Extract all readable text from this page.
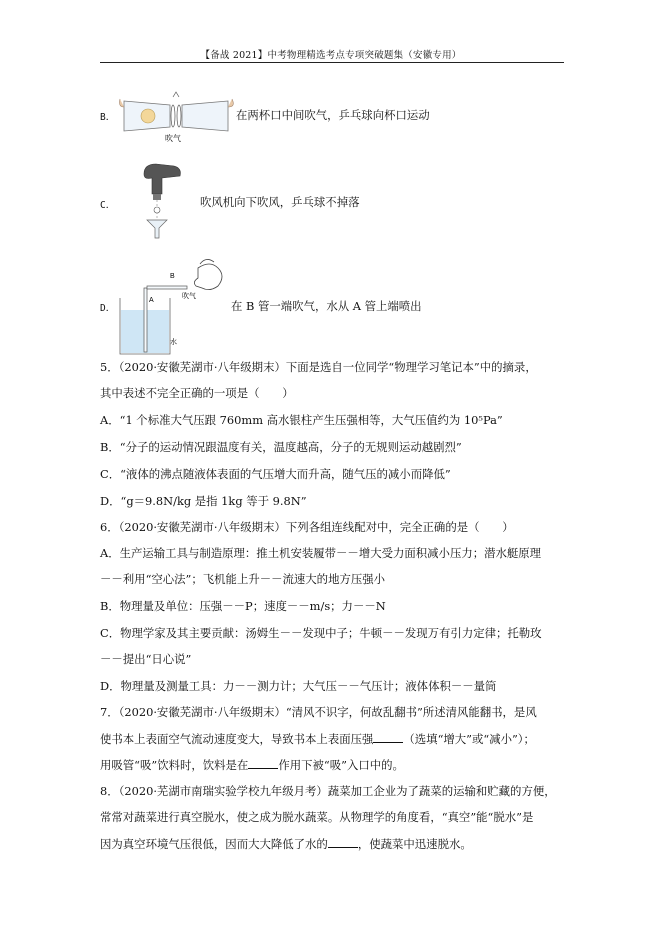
【备战 2021】中考物理精选考点专项突破题集（安徽专用）
B．
吹气
在两杯口中间吹气，乒乓球向杯口运动
C．	吹风机向下吹风，乒乓球不掉落
D．
A
B
吹气
水
在 B 管一端吹气，水从 A 管上端喷出
5．（2020·安徽芜湖市·八年级期末）下面是选自一位同学“物理学习笔记本”中的摘录，
其中表述不完全正确的一项是（　　）
A．“1 个标准大气压跟 760mm 高水银柱产生压强相等，大气压值约为 10⁵Pa”
B．“分子的运动情况跟温度有关，温度越高，分子的无规则运动越剧烈”
C．“液体的沸点随液体表面的气压增大而升高，随气压的减小而降低”
D．“g＝9.8N/kg 是指 1kg 等于 9.8N”
6．（2020·安徽芜湖市·八年级期末）下列各组连线配对中，完全正确的是（　　）
A．生产运输工具与制造原理：推土机安装履带－－增大受力面积减小压力；潜水艇原理
－－利用“空心法”；飞机能上升－－流速大的地方压强小
B．物理量及单位：压强－－P；速度－－m/s；力－－N
C．物理学家及其主要贡献：汤姆生－－发现中子；牛顿－－发现万有引力定律；托勒玫
－－提出“日心说”
D．物理量及测量工具：力－－测力计；大气压－－气压计；液体体积－－量筒
7．（2020·安徽芜湖市·八年级期末）“清风不识字，何故乱翻书”所述清风能翻书，是风
使书本上表面空气流动速度变大，导致书本上表面压强	（选填“增大”或“减小”）；
用吸管“吸”饮料时，饮料是在	作用下被“吸”入口中的。
8．（2020·芜湖市南瑞实验学校九年级月考）蔬菜加工企业为了蔬菜的运输和贮藏的方便，
常常对蔬菜进行真空脱水，使之成为脱水蔬菜。从物理学的角度看，“真空”能“脱水”是
因为真空环境气压很低，因而大大降低了水的	，使蔬菜中迅速脱水。
